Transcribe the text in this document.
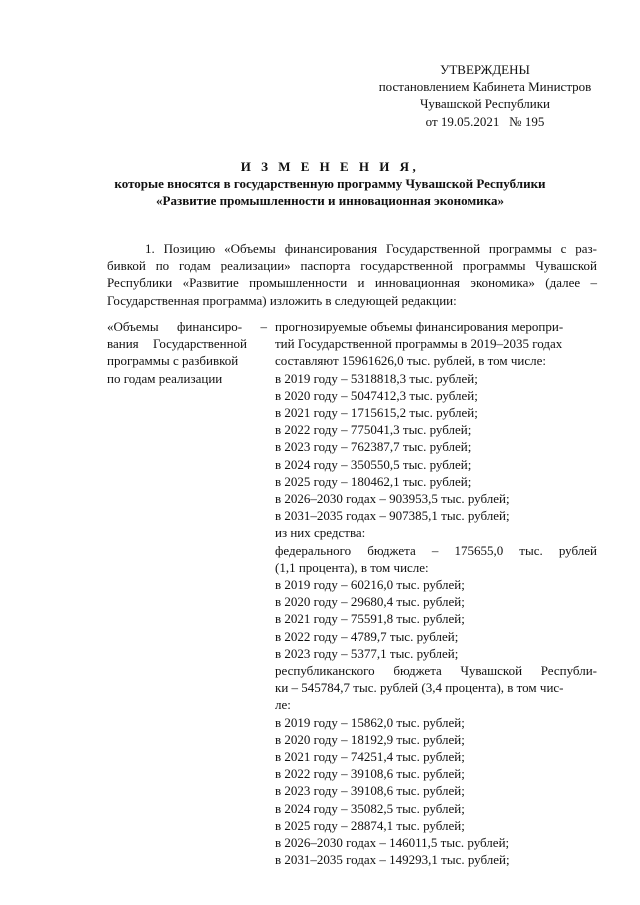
УТВЕРЖДЕНЫ
постановлением Кабинета Министров
Чувашской Республики
от 19.05.2021   № 195
И З М Е Н Е Н И Я,
которые вносятся в государственную программу Чувашской Республики
«Развитие промышленности и инновационная экономика»
1. Позицию «Объемы финансирования Государственной программы с раз-
бивкой по годам реализации» паспорта государственной программы Чувашской
Республики «Развитие промышленности и инновационная экономика» (далее –
Государственная программа) изложить в следующей редакции:
«Объемы финансиро- –
вания Государственной
программы с разбивкой
по годам реализации
прогнозируемые объемы финансирования меропри-
тий Государственной программы в 2019–2035 годах
составляют 15961626,0 тыс. рублей, в том числе:
в 2019 году – 5318818,3 тыс. рублей;
в 2020 году – 5047412,3 тыс. рублей;
в 2021 году – 1715615,2 тыс. рублей;
в 2022 году – 775041,3 тыс. рублей;
в 2023 году – 762387,7 тыс. рублей;
в 2024 году – 350550,5 тыс. рублей;
в 2025 году – 180462,1 тыс. рублей;
в 2026–2030 годах – 903953,5 тыс. рублей;
в 2031–2035 годах – 907385,1 тыс. рублей;
из них средства:
федерального бюджета – 175655,0 тыс. рублей
(1,1 процента), в том числе:
в 2019 году – 60216,0 тыс. рублей;
в 2020 году – 29680,4 тыс. рублей;
в 2021 году – 75591,8 тыс. рублей;
в 2022 году – 4789,7 тыс. рублей;
в 2023 году – 5377,1 тыс. рублей;
республиканского бюджета Чувашской Республи-
ки – 545784,7 тыс. рублей (3,4 процента), в том чис-
ле:
в 2019 году – 15862,0 тыс. рублей;
в 2020 году – 18192,9 тыс. рублей;
в 2021 году – 74251,4 тыс. рублей;
в 2022 году – 39108,6 тыс. рублей;
в 2023 году – 39108,6 тыс. рублей;
в 2024 году – 35082,5 тыс. рублей;
в 2025 году – 28874,1 тыс. рублей;
в 2026–2030 годах – 146011,5 тыс. рублей;
в 2031–2035 годах – 149293,1 тыс. рублей;
